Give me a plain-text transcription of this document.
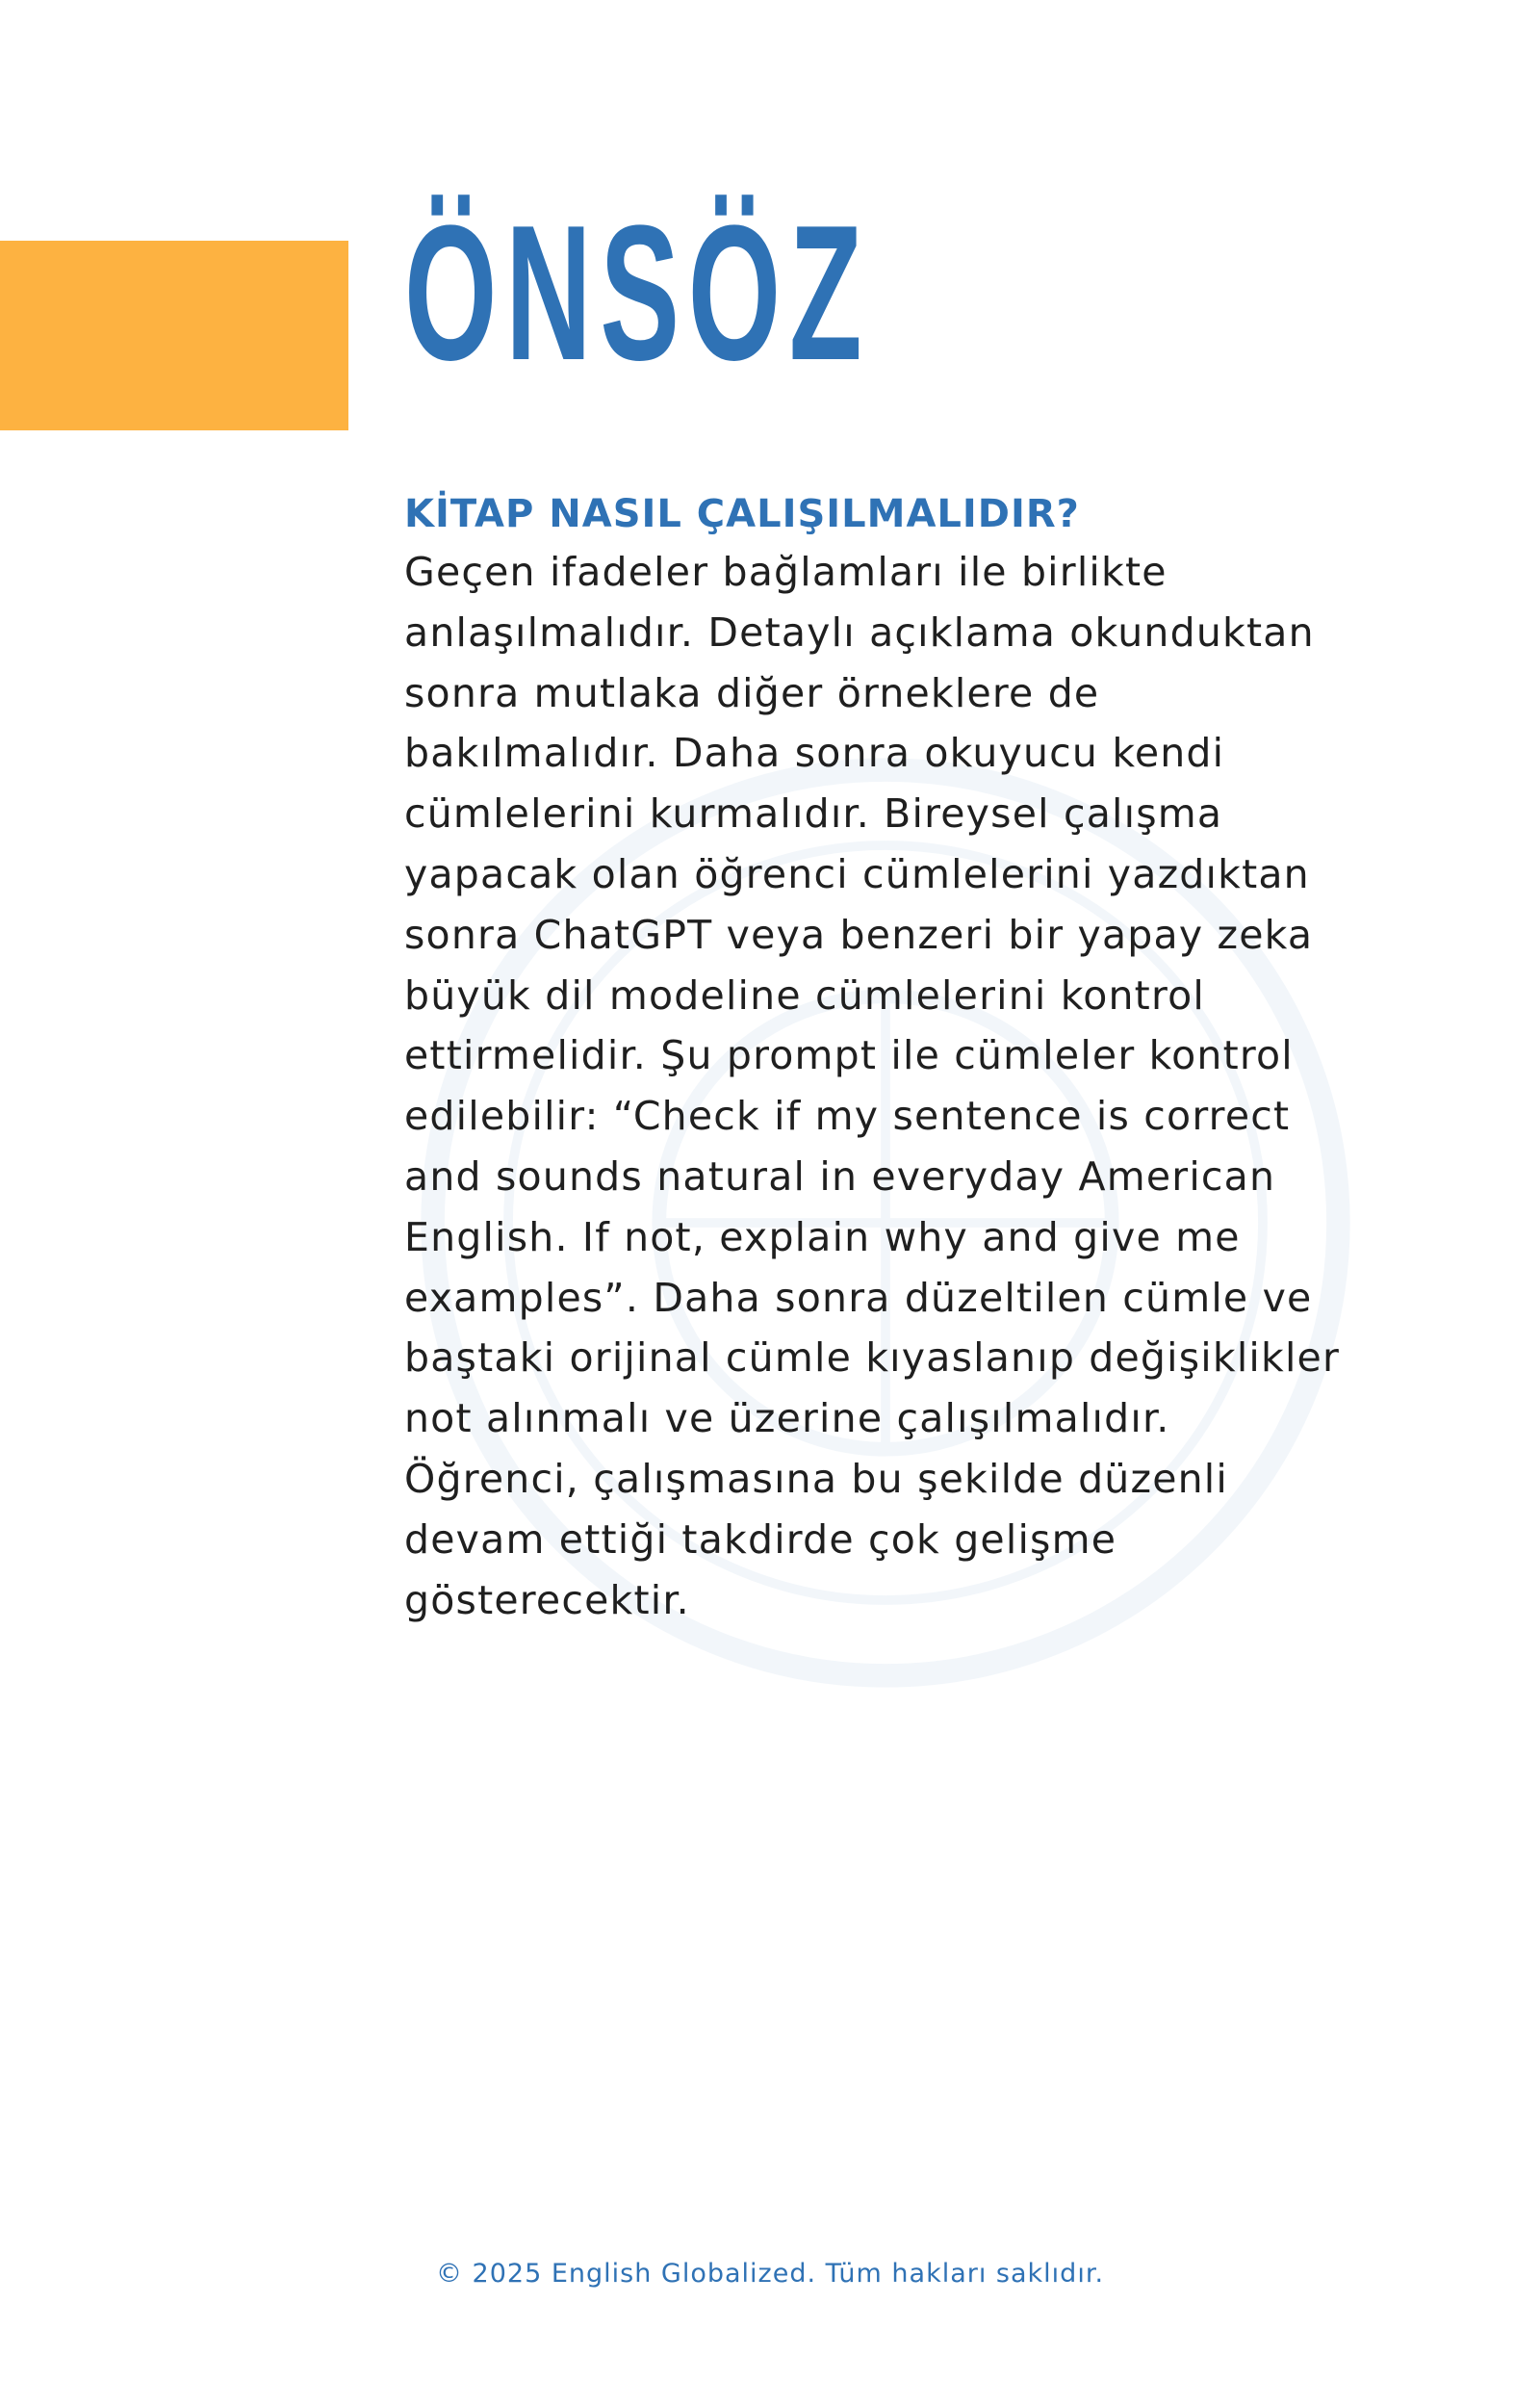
ÖNSÖZ
KİTAP NASIL ÇALIŞILMALIDIR?

Geçen ifadeler bağlamları ile birlikte
anlaşılmalıdır. Detaylı açıklama okunduktan
sonra mutlaka diğer örneklere de
bakılmalıdır. Daha sonra okuyucu kendi
cümlelerini kurmalıdır. Bireysel çalışma
yapacak olan öğrenci cümlelerini yazdıktan
sonra ChatGPT veya benzeri bir yapay zeka
büyük dil modeline cümlelerini kontrol
ettirmelidir. Şu prompt ile cümleler kontrol
edilebilir: “Check if my sentence is correct
and sounds natural in everyday American
English. If not, explain why and give me
examples”. Daha sonra düzeltilen cümle ve
baştaki orijinal cümle kıyaslanıp değişiklikler
not alınmalı ve üzerine çalışılmalıdır.
Öğrenci, çalışmasına bu şekilde düzenli
devam ettiği takdirde çok gelişme
gösterecektir.

© 2025 English Globalized. Tüm hakları saklıdır.
